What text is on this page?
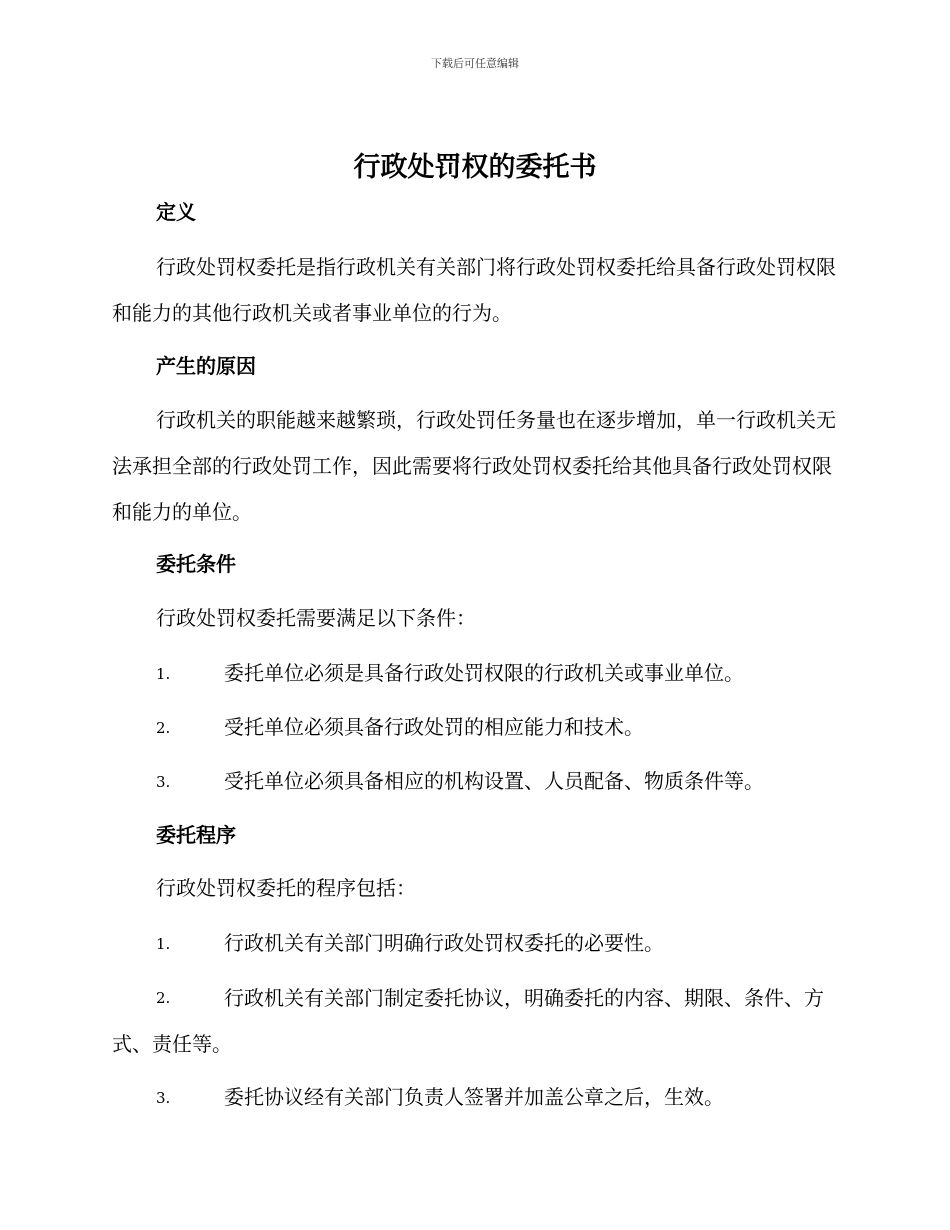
下载后可任意编辑
行政处罚权的委托书
定义
行政处罚权委托是指行政机关有关部门将行政处罚权委托给具备行政处罚权限和能力的其他行政机关或者事业单位的行为。
产生的原因
行政机关的职能越来越繁琐，行政处罚任务量也在逐步增加，单一行政机关无法承担全部的行政处罚工作，因此需要将行政处罚权委托给其他具备行政处罚权限和能力的单位。
委托条件
行政处罚权委托需要满足以下条件：
1.	委托单位必须是具备行政处罚权限的行政机关或事业单位。
2.	受托单位必须具备行政处罚的相应能力和技术。
3.	受托单位必须具备相应的机构设置、人员配备、物质条件等。
委托程序
行政处罚权委托的程序包括：
1.	行政机关有关部门明确行政处罚权委托的必要性。
2.	行政机关有关部门制定委托协议，明确委托的内容、期限、条件、方式、责任等。
3.	委托协议经有关部门负责人签署并加盖公章之后，生效。
